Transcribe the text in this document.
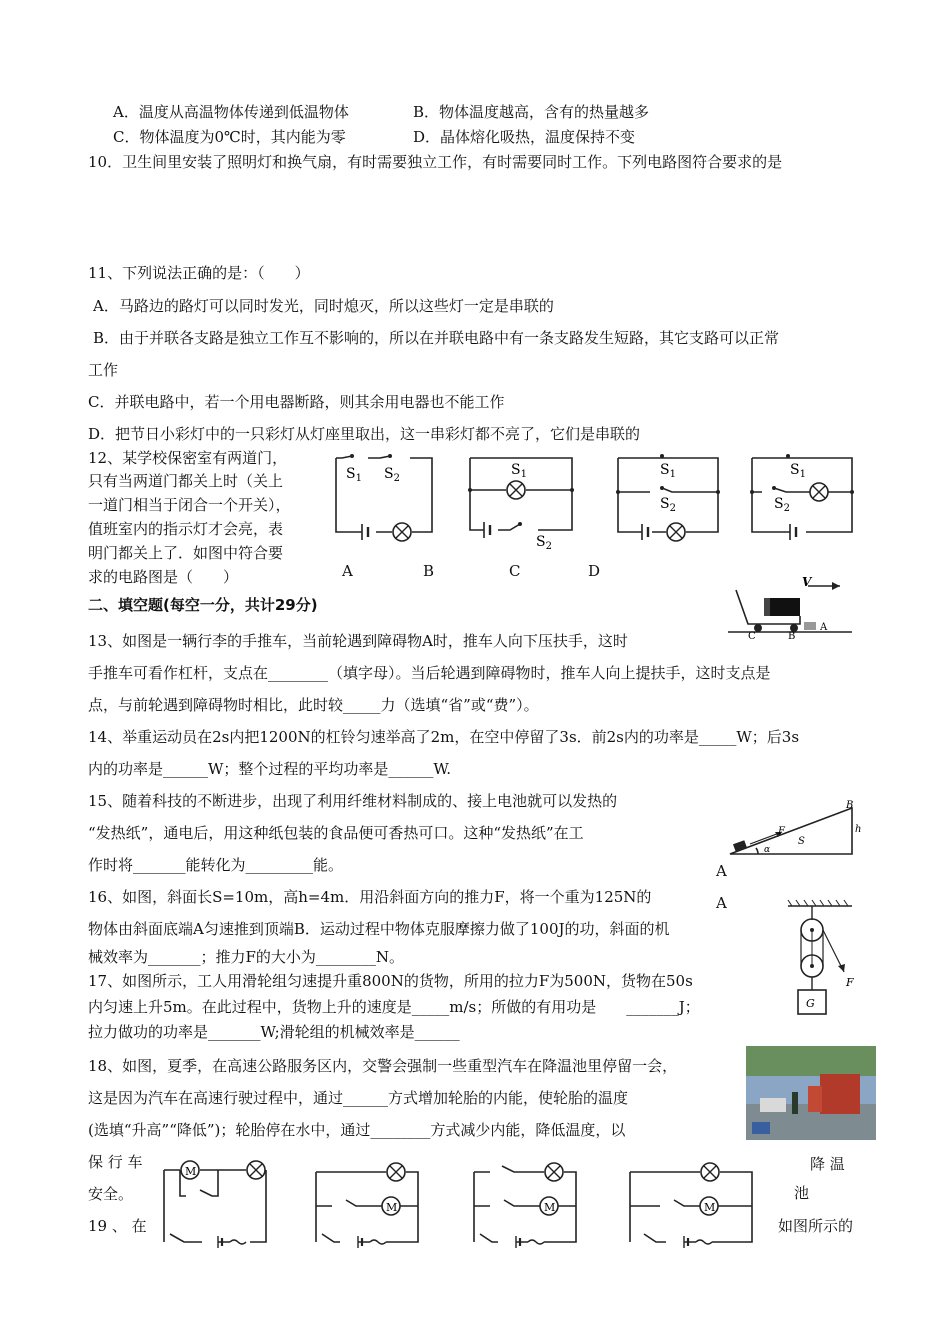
A．温度从高温物体传递到低温物体	B．物体温度越高，含有的热量越多
C．物体温度为0℃时，其内能为零	D．晶体熔化吸热，温度保持不变
10．卫生间里安装了照明灯和换气扇，有时需要独立工作，有时需要同时工作。下列电路图符合要求的是
11、下列说法正确的是：（　　）
A．马路边的路灯可以同时发光，同时熄灭，所以这些灯一定是串联的
B．由于并联各支路是独立工作互不影响的，所以在并联电路中有一条支路发生短路，其它支路可以正常
工作
C．并联电路中，若一个用电器断路，则其余用电器也不能工作
D．把节日小彩灯中的一只彩灯从灯座里取出，这一串彩灯都不亮了，它们是串联的
12、某学校保密室有两道门，
只有当两道门都关上时（关上
一道门相当于闭合一个开关），
值班室内的指示灯才会亮，表
明门都关上了．如图中符合要
求的电路图是（　　）
$S_1$ $S_2$
$S_1$
$S_2$
$S_1$
$S_2$
$S_1$
$S_2$
A	B	C	D
二、填空题(每空一分，共计29分)
V
A
C	B
13、如图是一辆行李的手推车，当前轮遇到障碍物A时，推车人向下压扶手，这时
手推车可看作杠杆，支点在________（填字母）。当后轮遇到障碍物时，推车人向上提扶手，这时支点是
点，与前轮遇到障碍物时相比，此时较_____力（选填“省”或“费”）。
14、举重运动员在2s内把1200N的杠铃匀速举高了2m，在空中停留了3s．前2s内的功率是_____W；后3s
内的功率是______W；整个过程的平均功率是______W.
15、随着科技的不断进步，出现了利用纤维材料制成的、接上电池就可以发热的
“发热纸”，通电后，用这种纸包装的食品便可香热可口。这种“发热纸”在工
作时将_______能转化为_________能。
B
F
S
h
α
A
A
16、如图，斜面长S=10m，高h=4m．用沿斜面方向的推力F，将一个重为125N的
物体由斜面底端A匀速推到顶端B．运动过程中物体克服摩擦力做了100J的功，斜面的机
械效率为_______；推力F的大小为________N。
G
F
17、如图所示，工人用滑轮组匀速提升重800N的货物，所用的拉力F为500N，货物在50s
内匀速上升5m。在此过程中，货物上升的速度是_____m/s；所做的有用功是　　_______J；
拉力做功的功率是_______W;滑轮组的机械效率是______
降 温
池
18、如图，夏季，在高速公路服务区内，交警会强制一些重型汽车在降温池里停留一会，
这是因为汽车在高速行驶过程中，通过______方式增加轮胎的内能，使轮胎的温度
(选填“升高”“降低”)；轮胎停在水中，通过________方式减少内能，降低温度，以
保 行 车
安全。
19 、 在	如图所示的
M
M	M	M
